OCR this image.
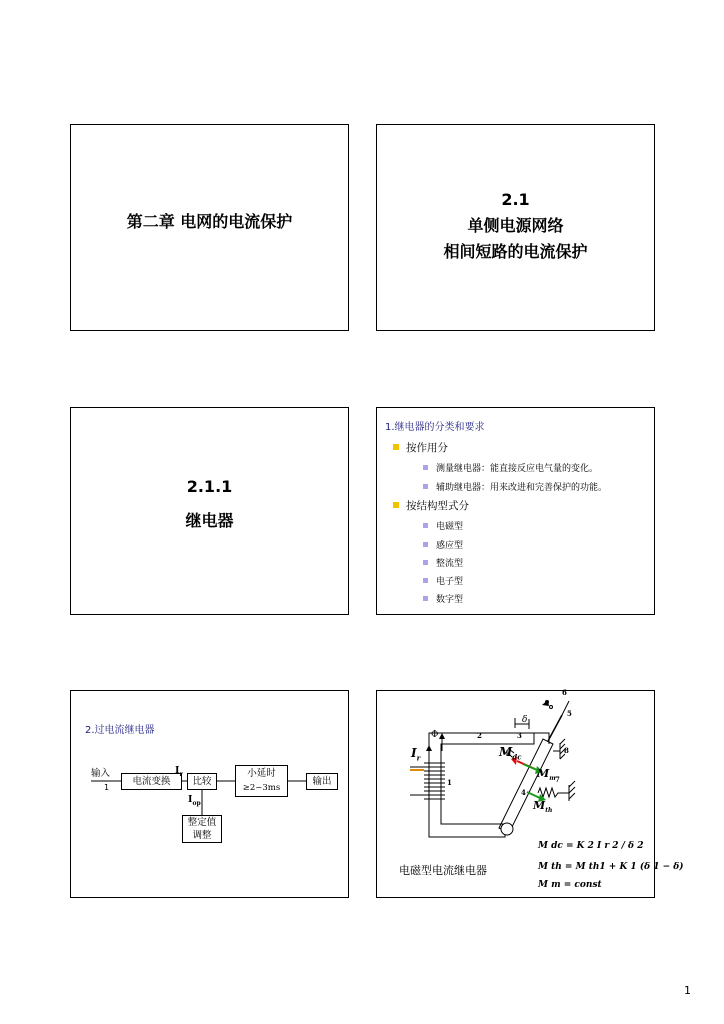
第二章 电网的电流保护
2.1
单侧电源网络
相间短路的电流保护
2.1.1
继电器
1.继电器的分类和要求
按作用分
测量继电器：能直接反应电气量的变化。
辅助继电器：用来改进和完善保护的功能。
按结构型式分
电磁型
感应型
整流型
电子型
数字型
2.过电流继电器
输入
1
电流变换
$I_r$
比较
小延时
≥2~3ms
输出
$I_{op}$
整定值
调整
6
5
δ
3
2
Φ
$I_r$	$M_{dc}$
8
$M_m$ 7
1
4
$M_{th}$
电磁型电流继电器
M dc = K 2 I r 2 / δ 2
M th = M th1 + K 1 (δ 1 − δ)
M m = const
1
